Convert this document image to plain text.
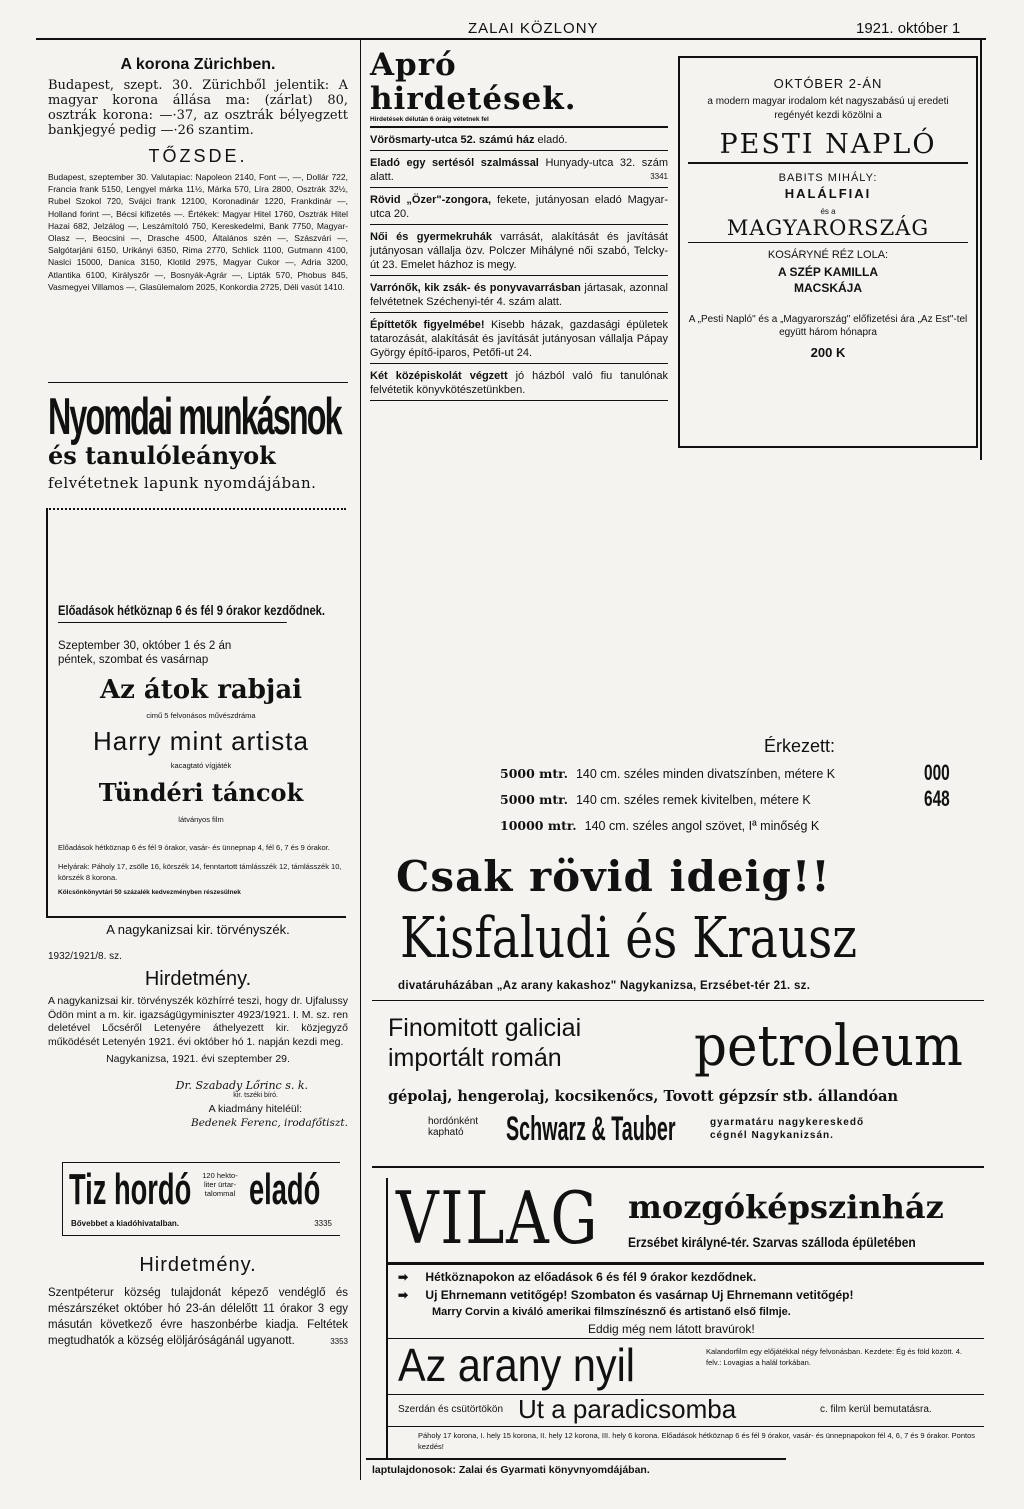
ZALAI KÖZLONY	1921. október 1
A korona Zürichben.

Budapest, szept. 30. Zürichből jelentik: A magyar korona állása ma: (zárlat) 80, osztrák korona: —·37, az osztrák bélyegzett bankjegyé pedig —·26 szantim.

TŐZSDE.

Budapest, szeptember 30. Valutapiac: Napoleon 2140, Font —, —, Dollár 722, Francia frank 5150, Lengyel márka 11½, Márka 570, Líra 2800, Osztrák 32½, Rubel Szokol 720, Svájci frank 12100, Koronadinár 1220, Frankdinár —, Holland forint —, Bécsi kifizetés —. Értékek: Magyar Hitel 1760, Osztrák Hitel Hazai 682, Jelzálog —, Leszámítoló 750, Kereskedelmi, Bank 7750, Magyar-Olasz —, Beocsini —, Drasche 4500, Általános szén —, Szászvári —, Salgótarjáni 6150, Urikányi 6350, Rima 2770, Schlick 1100, Gutmann 4100, Naslci 15000, Danica 3150, Klotild 2975, Magyar Cukor —, Adria 3200, Atlantika 6100, Királyszőr —, Bosnyák-Agrár —, Lipták 570, Phobus 845, Vasmegyei Villamos —, Glasülemalom 2025, Konkordia 2725, Déli vasút 1410.

Nyomdai munkásnok
és tanulóleányok
felvétetnek lapunk nyomdájában.
Előadások hétköznap 6 és fél 9 órakor kezdődnek.
Szeptember 30, október 1 és 2 án
péntek, szombat és vasárnap
Az átok rabjai
cimű 5 felvonásos művészdráma
Harry mint artista
kacagtató vígjáték
Tündéri táncok
látványos film

Előadások hétköznap 6 és fél 9 órakor, vasár- és ünnepnap 4, fél 6, 7 és 9 órakor.

Helyárak: Páholy 17, zsölle 16, körszék 14, fenntartott támlásszék 12, támlásszék 10, körszék 8 korona.

Kölcsönkönyvtári 50 százalék kedvezményben részesülnek

A nagykanizsai kir. törvényszék.
1932/1921/8. sz.
Hirdetmény.

A nagykanizsai kir. törvényszék közhírré teszi, hogy dr. Ujfalussy Ödön mint a m. kir. igazságügyminiszter 4923/1921. I. M. sz. ren deletével Lőcséről Letenyére áthelyezett kir. közjegyző működését Letenyén 1921. évi október hó 1. napján kezdi meg.

Nagykanizsa, 1921. évi szeptember 29.
Dr. Szabady Lőrinc s. k.
kir. tszéki bíró.
A kiadmány hiteléül:
Bedenek Ferenc, irodafőtiszt.
Tiz hordó	120 hekto-
liter ürtar-
talommal eladó
Bővebbet a kiadóhivatalban.	3335
Hirdetmény.

Szentpéterur község tulajdonát képező vendéglő és mészárszéket október hó 23-án délelőtt 11 órakor 3 egy másután következő évre haszonbérbe kiadja. Feltétek megtudhatók a község elöljáróságánál ugyanott.	3353
Apró hirdetések.
Hirdetések délután 6 óráig vétetnek fel
Vörösmarty-utca 52. számú ház eladó.
Eladó egy sertésól szalmással Hunyady-utca 32. szám alatt.	3341
Rövid „Özer"-zongora, fekete, jutányosan eladó Magyar-utca 20.
Női és gyermekruhák varrását, alakítását és javítását jutányosan vállalja özv. Polczer Mihályné női szabó, Telcky-út 23. Emelet házhoz is megy.
Varrónők, kik zsák- és ponyvavarrásban jártasak, azonnal felvétetnek Széchenyi-tér 4. szám alatt.
Építtetők figyelmébe! Kisebb házak, gazdasági épületek tatarozását, alakítását és javítását jutányosan vállalja Pápay György építő-iparos, Petőfi-ut 24.
Két középiskolát végzett jó házból való fiu tanulónak felvétetik könyvkötészetünkben.
OKTÓBER 2-ÁN
a modern magyar irodalom két nagyszabású uj eredeti regényét kezdi közölni a
PESTI NAPLÓ
BABITS MIHÁLY:
HALÁLFIAI
és a
MAGYARORSZÁG
KOSÁRYNÉ RÉZ LOLA:
A SZÉP KAMILLA
MACSKÁJA
A „Pesti Napló" és a „Magyarország" előfizetési ára „Az Est"-tel együtt három hónapra
200 K
Érkezett:
5000 mtr. 140 cm. széles minden divatszínben, métere K	000
5000 mtr. 140 cm. széles remek kivitelben, métere K	648
10000 mtr. 140 cm. széles angol szövet, Iª minőség K
Csak rövid ideig!!
Kisfaludi és Krausz
divatáruházában „Az arany kakashoz" Nagykanizsa, Erzsébet-tér 21. sz.
Finomitott galiciai
importált román petroleum
gépolaj, hengerolaj, kocsikenőcs, Tovott gépzsír stb. állandóan
hordónként kapható	Schwarz & Tauber	gyarmatáru nagykereskedő cégnél Nagykanizsán.
VILAG mozgóképszinház
Erzsébet királyné-tér. Szarvas szálloda épületében
➡ Hétköznapokon az előadások 6 és fél 9 órakor kezdődnek.
➡ Uj Ehrnemann vetitőgép! Szombaton és vasárnap Uj Ehrnemann vetitőgép!
Marry Corvin a kiváló amerikai filmszínésznő és artistanő első filmje.
Eddig még nem látott bravúrok!
Az arany nyil	Kalandorfilm egy előjátékkal négy felvonásban. Kezdete: Ég és föld között. 4. felv.: Lovagias a halál torkában.
Szerdán és csütörtökön Ut a paradicsomba	c. film kerül bemutatásra.
Páholy 17 korona, I. hely 15 korona, II. hely 12 korona, III. hely 6 korona. Előadások hétköznap 6 és fél 9 órakor, vasár- és ünnepnapokon fél 4, 6, 7 és 9 órakor. Pontos kezdés!
laptulajdonosok: Zalai és Gyarmati könyvnyomdájában.
